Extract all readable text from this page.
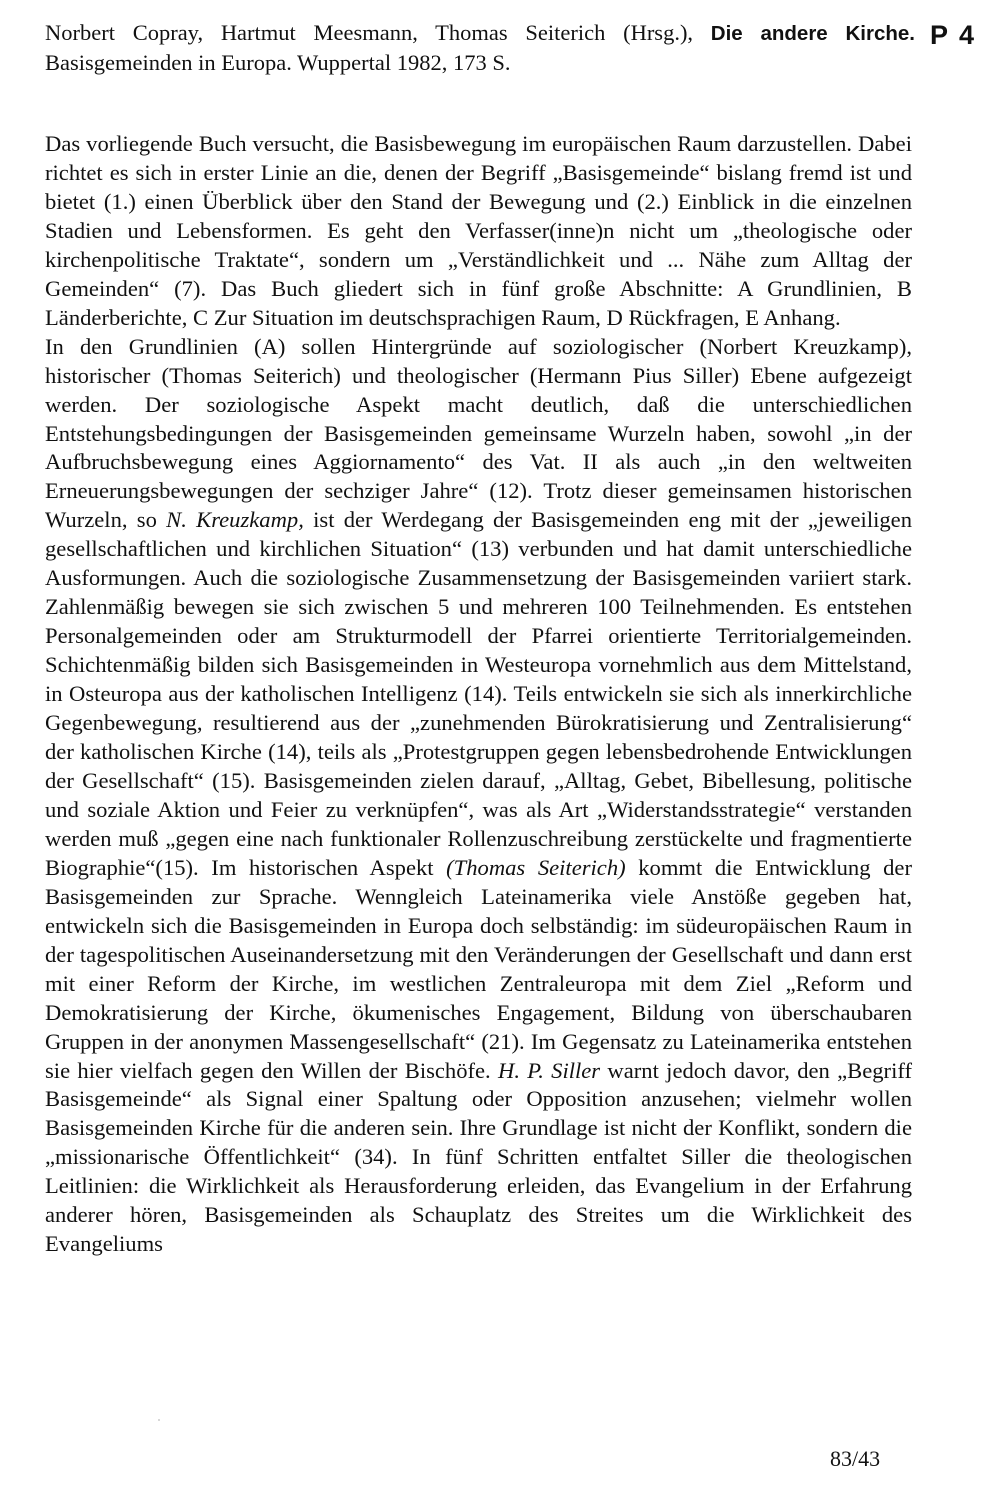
Norbert Copray, Hartmut Meesmann, Thomas Seiterich (Hrsg.), Die andere Kirche. Basisgemeinden in Europa. Wuppertal 1982, 173 S.
P 4

Das vorliegende Buch versucht, die Basisbewegung im europäischen Raum darzustellen. Dabei richtet es sich in erster Linie an die, denen der Begriff „Basisgemeinde“ bislang fremd ist und bietet (1.) einen Überblick über den Stand der Bewegung und (2.) Einblick in die einzelnen Stadien und Lebensformen. Es geht den Verfasser(inne)n nicht um „theologische oder kirchenpolitische Traktate“, sondern um „Verständlichkeit und ... Nähe zum Alltag der Gemeinden“ (7). Das Buch gliedert sich in fünf große Abschnitte: A Grundlinien, B Länderberichte, C Zur Situation im deutschsprachigen Raum, D Rückfragen, E Anhang.

In den Grundlinien (A) sollen Hintergründe auf soziologischer (Norbert Kreuzkamp), historischer (Thomas Seiterich) und theologischer (Hermann Pius Siller) Ebene aufgezeigt werden. Der soziologische Aspekt macht deutlich, daß die unterschiedlichen Entstehungsbedingungen der Basisgemeinden gemeinsame Wurzeln haben, sowohl „in der Aufbruchsbewegung eines Aggiornamento“ des Vat. II als auch „in den weltweiten Erneuerungsbewegungen der sechziger Jahre“ (12). Trotz dieser gemeinsamen historischen Wurzeln, so N. Kreuzkamp, ist der Werdegang der Basisgemeinden eng mit der „jeweiligen gesellschaftlichen und kirchlichen Situation“ (13) verbunden und hat damit unterschiedliche Ausformungen. Auch die soziologische Zusammensetzung der Basisgemeinden variiert stark. Zahlenmäßig bewegen sie sich zwischen 5 und mehreren 100 Teilnehmenden. Es entstehen Personalgemeinden oder am Strukturmodell der Pfarrei orientierte Territorialgemeinden. Schichtenmäßig bilden sich Basisgemeinden in Westeuropa vornehmlich aus dem Mittelstand, in Osteuropa aus der katholischen Intelligenz (14). Teils entwickeln sie sich als innerkirchliche Gegenbewegung, resultierend aus der „zunehmenden Bürokratisierung und Zentralisierung“ der katholischen Kirche (14), teils als „Protestgruppen gegen lebensbedrohende Entwicklungen der Gesellschaft“ (15). Basisgemeinden zielen darauf, „Alltag, Gebet, Bibellesung, politische und soziale Aktion und Feier zu verknüpfen“, was als Art „Widerstandsstrategie“ verstanden werden muß „gegen eine nach funktionaler Rollenzuschreibung zerstückelte und fragmentierte Biographie“(15). Im historischen Aspekt (Thomas Seiterich) kommt die Entwicklung der Basisgemeinden zur Sprache. Wenngleich Lateinamerika viele Anstöße gegeben hat, entwickeln sich die Basisgemeinden in Europa doch selbständig: im südeuropäischen Raum in der tagespolitischen Auseinandersetzung mit den Veränderungen der Gesellschaft und dann erst mit einer Reform der Kirche, im westlichen Zentraleuropa mit dem Ziel „Reform und Demokratisierung der Kirche, ökumenisches Engagement, Bildung von überschaubaren Gruppen in der anonymen Massengesellschaft“ (21). Im Gegensatz zu Lateinamerika entstehen sie hier vielfach gegen den Willen der Bischöfe. H. P. Siller warnt jedoch davor, den „Begriff Basisgemeinde“ als Signal einer Spaltung oder Opposition anzusehen; vielmehr wollen Basisgemeinden Kirche für die anderen sein. Ihre Grundlage ist nicht der Konflikt, sondern die „missionarische Öffentlichkeit“ (34). In fünf Schritten entfaltet Siller die theologischen Leitlinien: die Wirklichkeit als Herausforderung erleiden, das Evangelium in der Erfahrung anderer hören, Basisgemeinden als Schauplatz des Streites um die Wirklichkeit des Evangeliums

83/43
